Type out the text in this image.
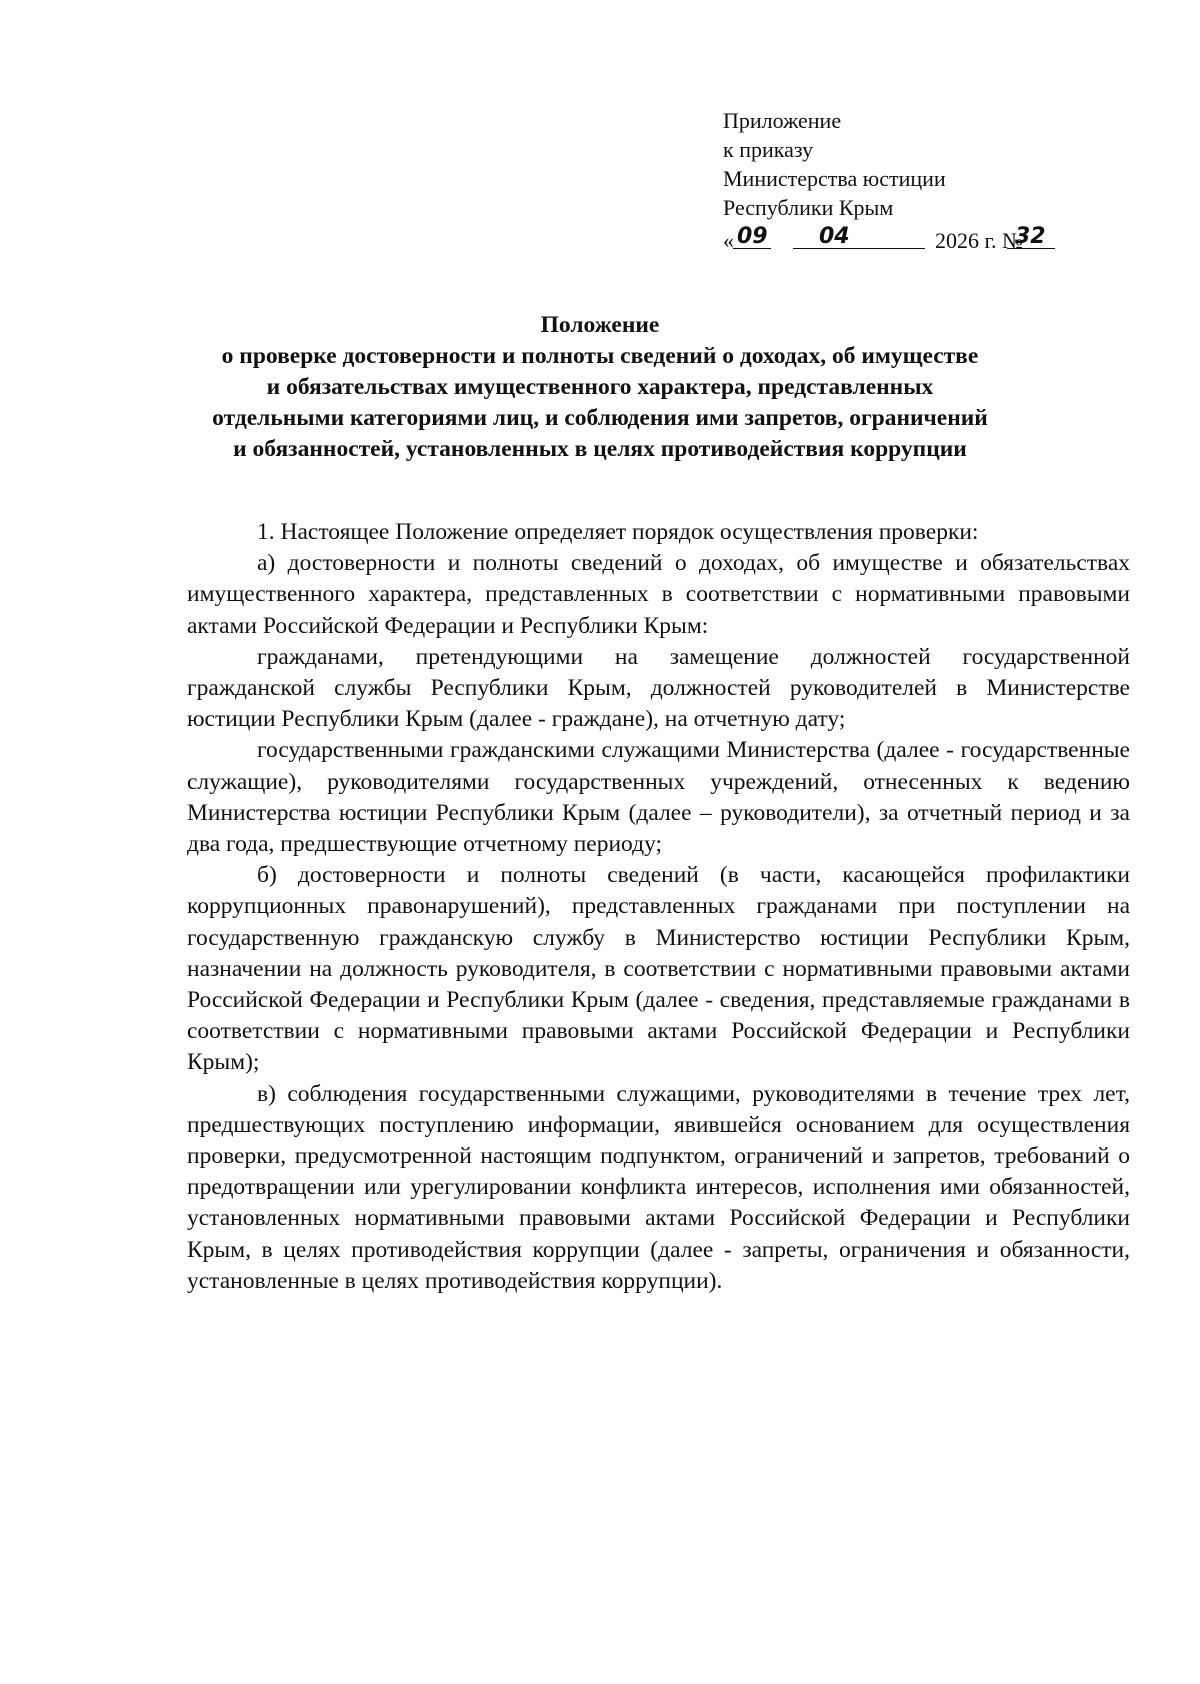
Приложение
к приказу
Министерства юстиции
Республики Крым
« 09 04	2026 г. №
32
Положение
о проверке достоверности и полноты сведений о доходах, об имуществе
и обязательствах имущественного характера, представленных
отдельными категориями лиц, и соблюдения ими запретов, ограничений
и обязанностей, установленных в целях противодействия коррупции

1. Настоящее Положение определяет порядок осуществления проверки:

а) достоверности и полноты сведений о доходах, об имуществе и обязательствах имущественного характера, представленных в соответствии с нормативными правовыми актами Российской Федерации и Республики Крым:

гражданами, претендующими на замещение должностей государственной гражданской службы Республики Крым, должностей руководителей в Министерстве юстиции Республики Крым (далее - граждане), на отчетную дату;

государственными гражданскими служащими Министерства (далее - государственные служащие), руководителями государственных учреждений, отнесенных к ведению Министерства юстиции Республики Крым (далее – руководители), за отчетный период и за два года, предшествующие отчетному периоду;

б) достоверности и полноты сведений (в части, касающейся профилактики коррупционных правонарушений), представленных гражданами при поступлении на государственную гражданскую службу в Министерство юстиции Республики Крым, назначении на должность руководителя, в соответствии с нормативными правовыми актами Российской Федерации и Республики Крым (далее - сведения, представляемые гражданами в соответствии с нормативными правовыми актами Российской Федерации и Республики Крым);

в) соблюдения государственными служащими, руководителями в течение трех лет, предшествующих поступлению информации, явившейся основанием для осуществления проверки, предусмотренной настоящим подпунктом, ограничений и запретов, требований о предотвращении или урегулировании конфликта интересов, исполнения ими обязанностей, установленных нормативными правовыми актами Российской Федерации и Республики Крым, в целях противодействия коррупции (далее - запреты, ограничения и обязанности, установленные в целях противодействия коррупции).
